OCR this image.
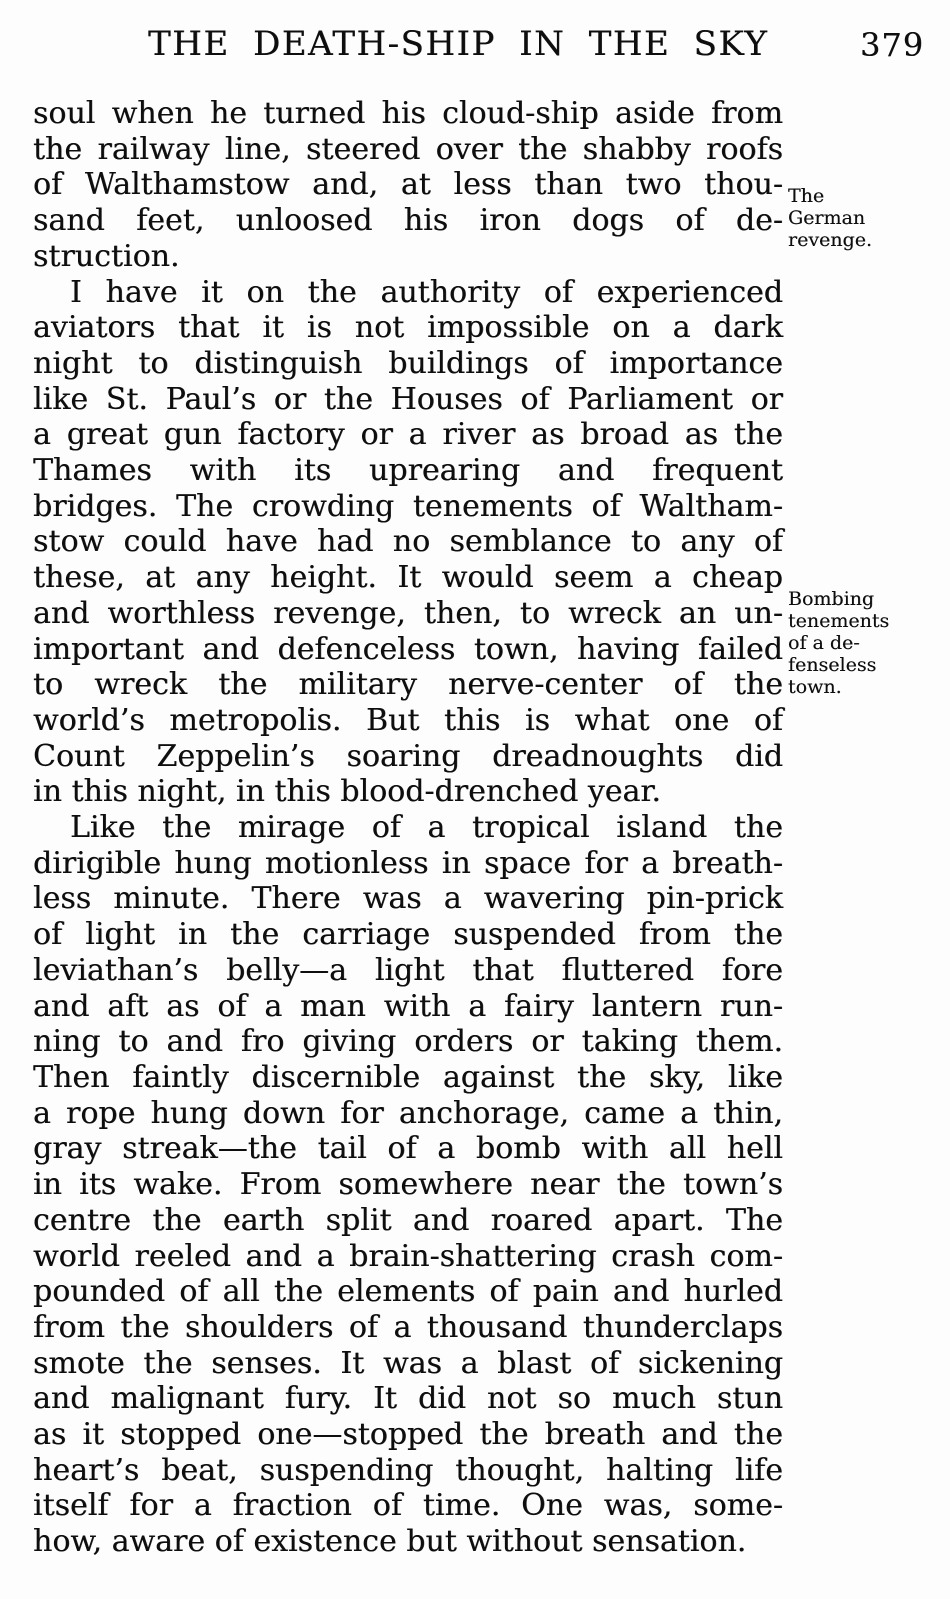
THE DEATH-SHIP IN THE SKY	379
soul when he turned his cloud-ship aside from
the railway line, steered over the shabby roofs
of Walthamstow and, at less than two thou-
sand feet, unloosed his iron dogs of de-
struction.
I have it on the authority of experienced
aviators that it is not impossible on a dark
night to distinguish buildings of importance
like St. Paul’s or the Houses of Parliament or
a great gun factory or a river as broad as the
Thames with its uprearing and frequent
bridges. The crowding tenements of Waltham-
stow could have had no semblance to any of
these, at any height. It would seem a cheap
and worthless revenge, then, to wreck an un-
important and defenceless town, having failed
to wreck the military nerve-center of the
world’s metropolis. But this is what one of
Count Zeppelin’s soaring dreadnoughts did
in this night, in this blood-drenched year.
Like the mirage of a tropical island the
dirigible hung motionless in space for a breath-
less minute. There was a wavering pin-prick
of light in the carriage suspended from the
leviathan’s belly—a light that fluttered fore
and aft as of a man with a fairy lantern run-
ning to and fro giving orders or taking them.
Then faintly discernible against the sky, like
a rope hung down for anchorage, came a thin,
gray streak—the tail of a bomb with all hell
in its wake. From somewhere near the town’s
centre the earth split and roared apart. The
world reeled and a brain-shattering crash com-
pounded of all the elements of pain and hurled
from the shoulders of a thousand thunderclaps
smote the senses. It was a blast of sickening
and malignant fury. It did not so much stun
as it stopped one—stopped the breath and the
heart’s beat, suspending thought, halting life
itself for a fraction of time. One was, some-
how, aware of existence but without sensation.
The
German
revenge.
Bombing
tenements
of a de-
fenseless
town.
